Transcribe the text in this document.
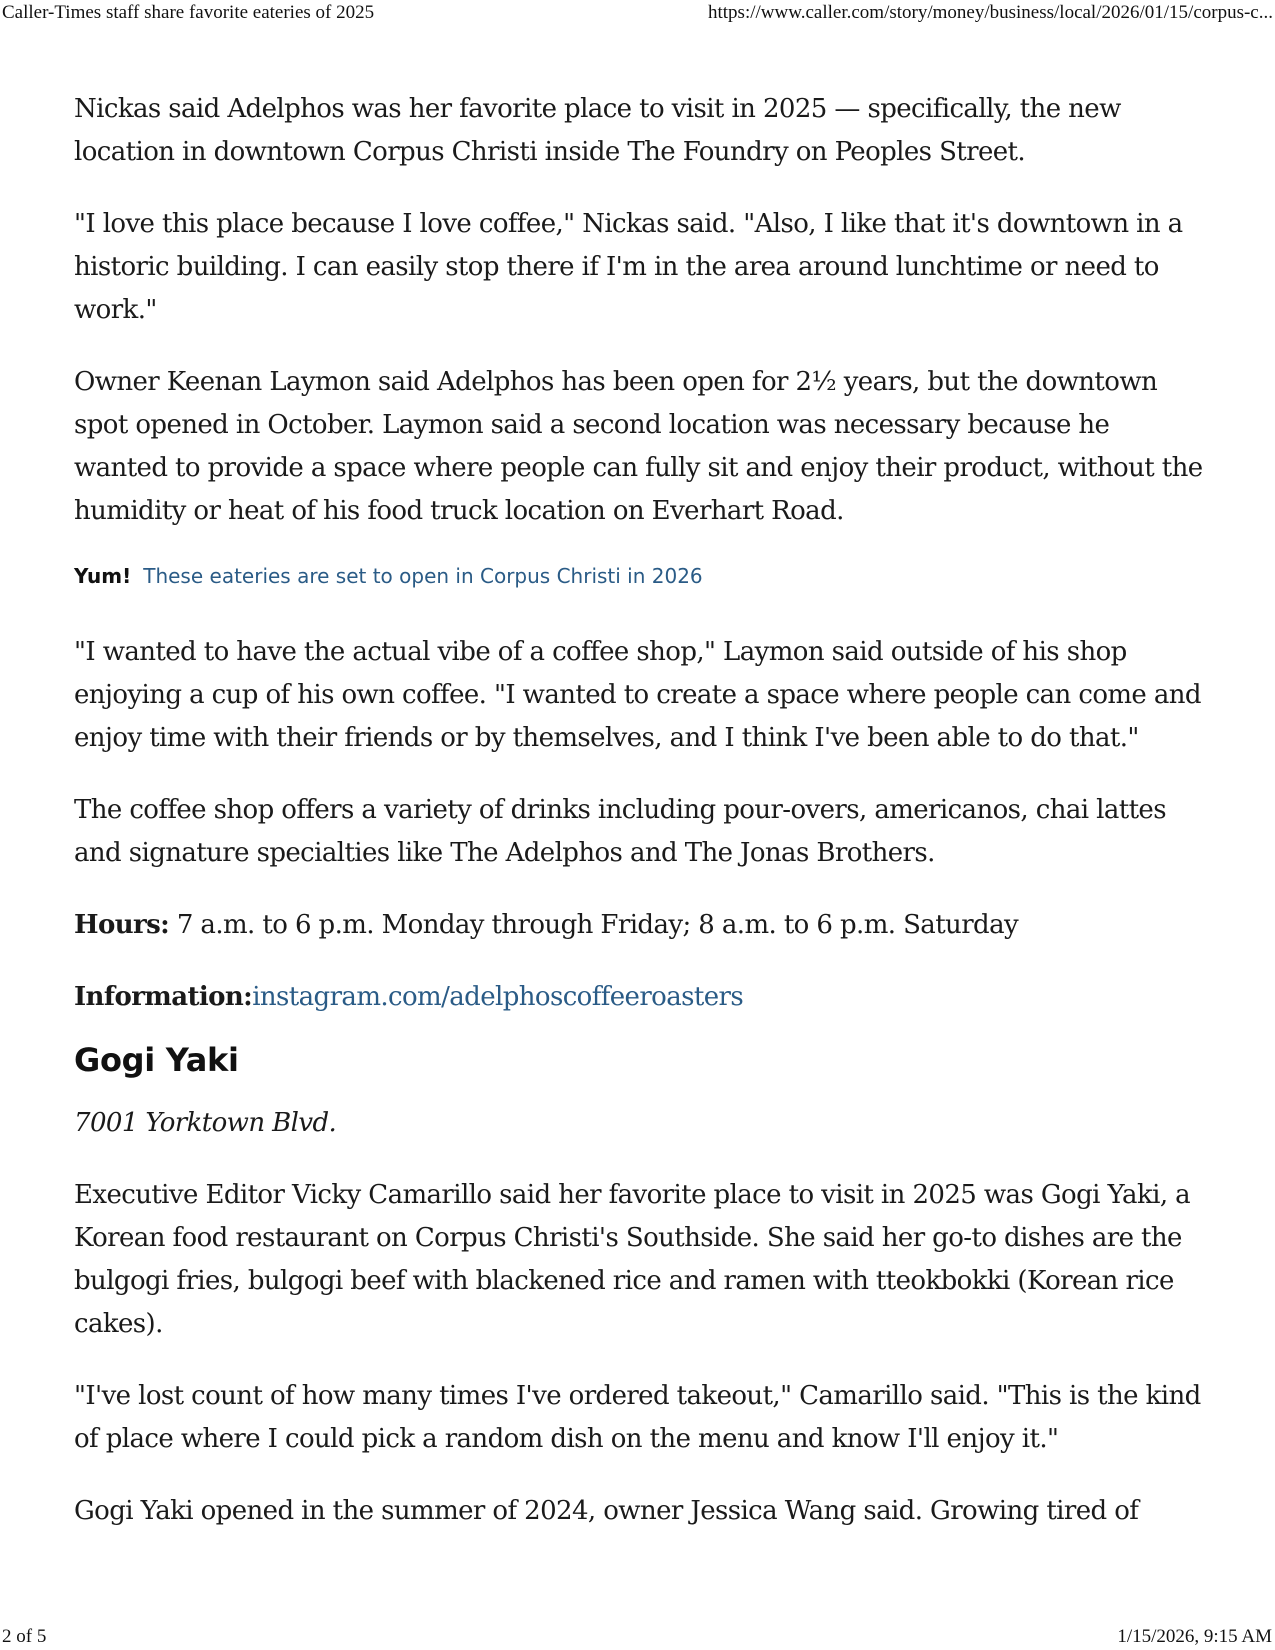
Caller-Times staff share favorite eateries of 2025	https://www.caller.com/story/money/business/local/2026/01/15/corpus-c...

Nickas said Adelphos was her favorite place to visit in 2025 — specifically, the new location in downtown Corpus Christi inside The Foundry on Peoples Street.

"I love this place because I love coffee," Nickas said. "Also, I like that it's downtown in a historic building. I can easily stop there if I'm in the area around lunchtime or need to work."

Owner Keenan Laymon said Adelphos has been open for 2½ years, but the downtown spot opened in October. Laymon said a second location was necessary because he wanted to provide a space where people can fully sit and enjoy their product, without the humidity or heat of his food truck location on Everhart Road.

Yum! These eateries are set to open in Corpus Christi in 2026

"I wanted to have the actual vibe of a coffee shop," Laymon said outside of his shop enjoying a cup of his own coffee. "I wanted to create a space where people can come and enjoy time with their friends or by themselves, and I think I've been able to do that."

The coffee shop offers a variety of drinks including pour-overs, americanos, chai lattes and signature specialties like The Adelphos and The Jonas Brothers.

Hours: 7 a.m. to 6 p.m. Monday through Friday; 8 a.m. to 6 p.m. Saturday

Information:instagram.com/adelphoscoffeeroasters

Gogi Yaki

7001 Yorktown Blvd.

Executive Editor Vicky Camarillo said her favorite place to visit in 2025 was Gogi Yaki, a Korean food restaurant on Corpus Christi's Southside. She said her go-to dishes are the bulgogi fries, bulgogi beef with blackened rice and ramen with tteokbokki (Korean rice cakes).

"I've lost count of how many times I've ordered takeout," Camarillo said. "This is the kind of place where I could pick a random dish on the menu and know I'll enjoy it."

Gogi Yaki opened in the summer of 2024, owner Jessica Wang said. Growing tired of

2 of 5	1/15/2026, 9:15 AM
